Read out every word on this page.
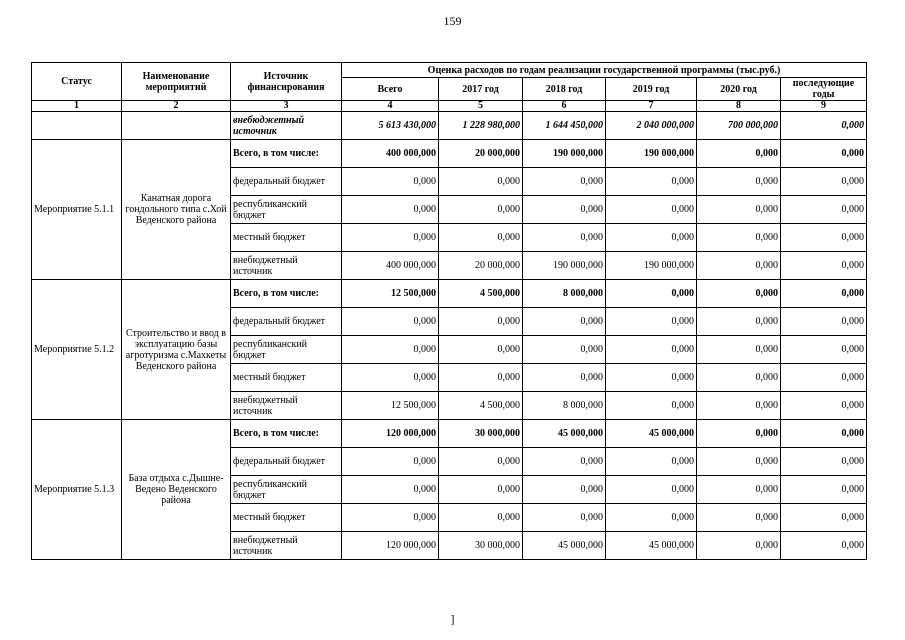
159
Статус	Наименование мероприятий	Источник финансирования	Оценка расходов по годам реализации государственной программы (тыс.руб.)					
			Всего	2017 год	2018 год	2019 год	2020 год	последующие годы
1	2	3	4	5	6	7	8	9
		внебюджетный источник	5 613 430,000	1 228 980,000	1 644 450,000	2 040 000,000	700 000,000	0,000
Мероприятие 5.1.1	Канатная дорога гондольного типа с.Хой Веденского района	Всего, в том числе:	400 000,000	20 000,000	190 000,000	190 000,000	0,000	0,000
		федеральный бюджет	0,000	0,000	0,000	0,000	0,000	0,000
		республиканский бюджет	0,000	0,000	0,000	0,000	0,000	0,000
		местный бюджет	0,000	0,000	0,000	0,000	0,000	0,000
		внебюджетный источник	400 000,000	20 000,000	190 000,000	190 000,000	0,000	0,000
Мероприятие 5.1.2	Строительство и ввод в эксплуатацию базы агротуризма с.Махкеты Веденского района	Всего, в том числе:	12 500,000	4 500,000	8 000,000	0,000	0,000	0,000
		федеральный бюджет	0,000	0,000	0,000	0,000	0,000	0,000
		республиканский бюджет	0,000	0,000	0,000	0,000	0,000	0,000
		местный бюджет	0,000	0,000	0,000	0,000	0,000	0,000
		внебюджетный источник	12 500,000	4 500,000	8 000,000	0,000	0,000	0,000
Мероприятие 5.1.3	База отдыха с.Дышне-Ведено Веденского района	Всего, в том числе:	120 000,000	30 000,000	45 000,000	45 000,000	0,000	0,000
		федеральный бюджет	0,000	0,000	0,000	0,000	0,000	0,000
		республиканский бюджет	0,000	0,000	0,000	0,000	0,000	0,000
		местный бюджет	0,000	0,000	0,000	0,000	0,000	0,000
		внебюджетный источник	120 000,000	30 000,000	45 000,000	45 000,000	0,000	0,000
]
